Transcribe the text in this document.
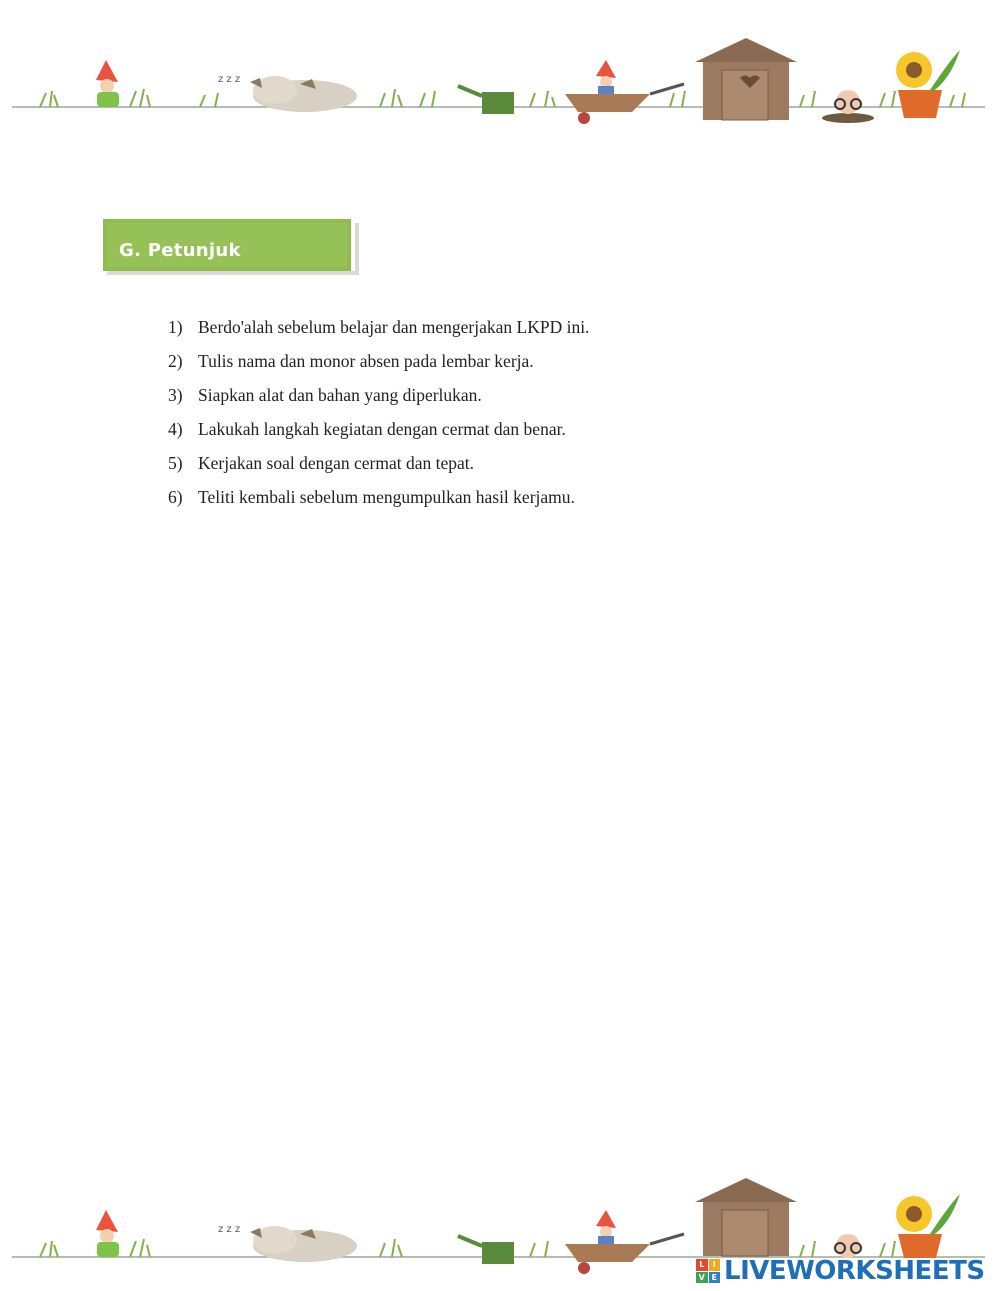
z z z
G. Petunjuk
1) Berdo'alah sebelum belajar dan mengerjakan LKPD ini.
2) Tulis nama dan monor absen pada lembar kerja.
3) Siapkan alat dan bahan yang diperlukan.
4) Lakukah langkah kegiatan dengan cermat dan benar.
5) Kerjakan soal dengan cermat dan tepat.
6) Teliti kembali sebelum mengumpulkan hasil kerjamu.
z z z
L	I
V E LIVEWORKSHEETS
